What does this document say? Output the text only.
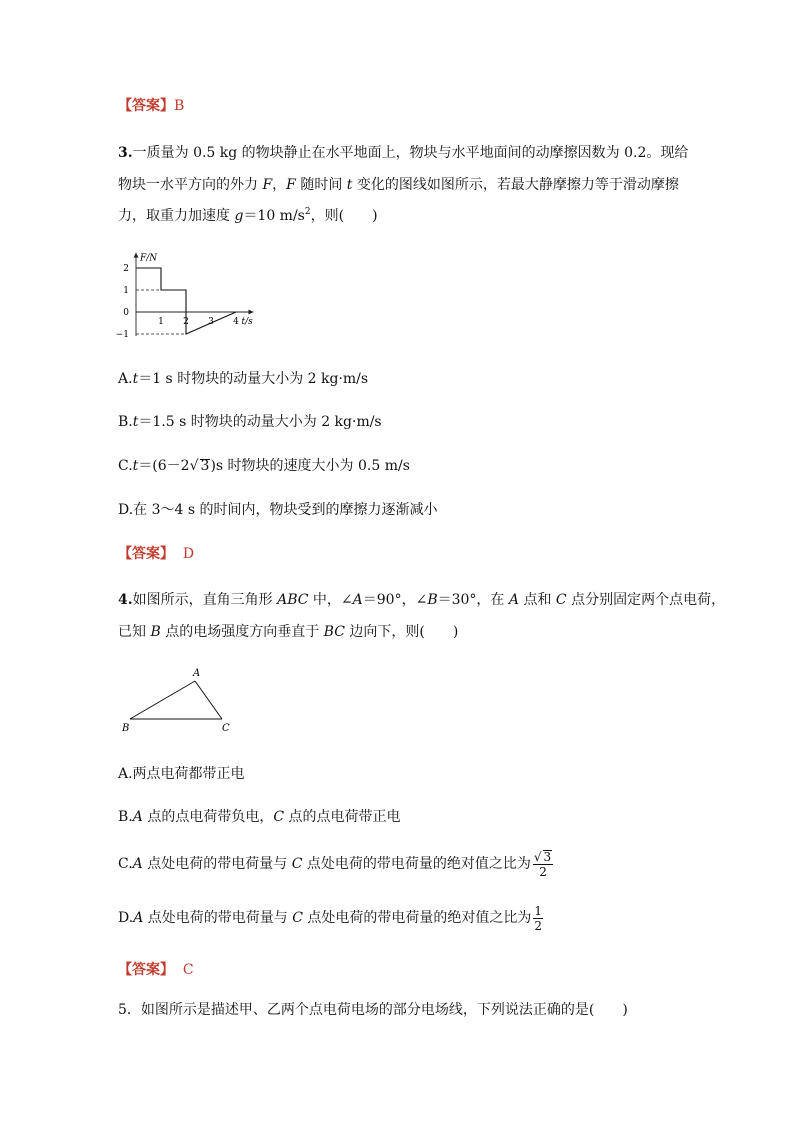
【答案】B
3.一质量为 0.5 kg 的物块静止在水平地面上，物块与水平地面间的动摩擦因数为 0.2。现给
物块一水平方向的外力 F，F 随时间 t 变化的图线如图所示，若最大静摩擦力等于滑动摩擦
力，取重力加速度 g＝10 $m/s^2$，则(　　)
F/N
t/s
2
1
0
−1
1 2 3 4
A.t＝1 s 时物块的动量大小为 2 kg·m/s
B.t＝1.5 s 时物块的动量大小为 2 kg·m/s
C.t＝(6－2√ 3)s 时物块的速度大小为 0.5 m/s
D.在 3～4 s 的时间内，物块受到的摩擦力逐渐减小
【答案】 D
4.如图所示，直角三角形 ABC 中，∠A＝90°，∠B＝30°，在 A 点和 C 点分别固定两个点电荷，
已知 B 点的电场强度方向垂直于 BC 边向下，则(　　)
A
B	C
A.两点电荷都带正电
B.A 点的点电荷带负电，C 点的点电荷带正电
C.A 点处电荷的带电荷量与 C 点处电荷的带电荷量的绝对值之比为 $\frac{√ 3}{2}$
D.A 点处电荷的带电荷量与 C 点处电荷的带电荷量的绝对值之比为 $\frac{1}{2}$
【答案】 C
5．如图所示是描述甲、乙两个点电荷电场的部分电场线，下列说法正确的是(　　)
